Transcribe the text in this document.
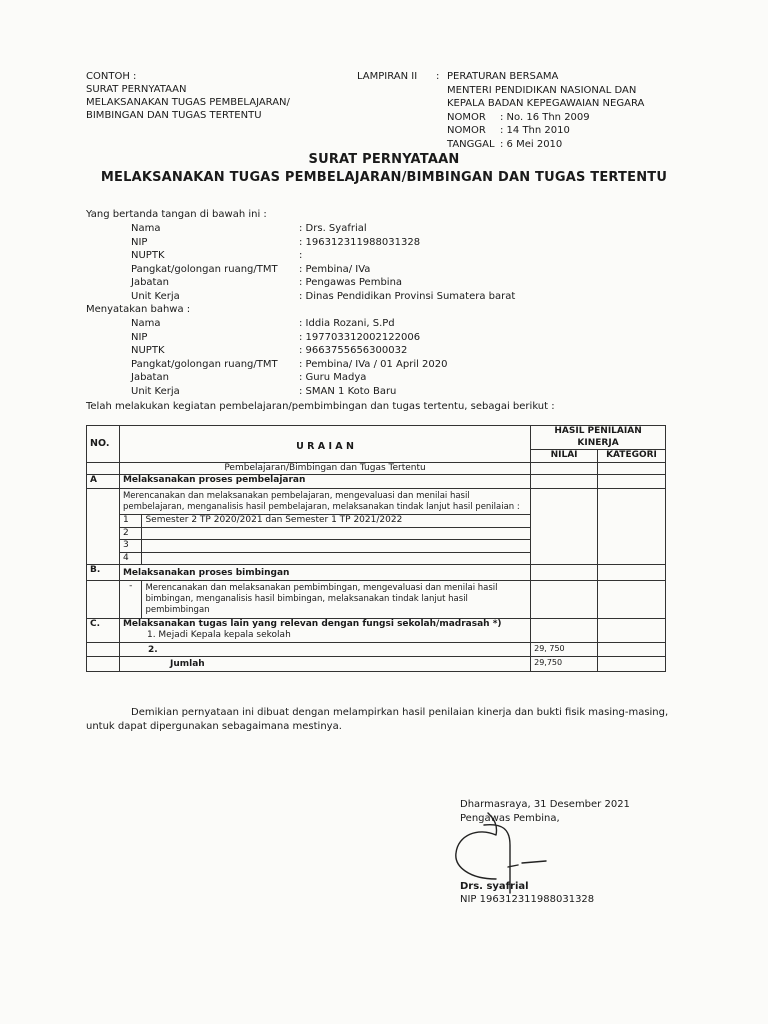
CONTOH :
SURAT PERNYATAAN
MELAKSANAKAN TUGAS PEMBELAJARAN/
BIMBINGAN DAN TUGAS TERTENTU
LAMPIRAN II : PERATURAN BERSAMA
MENTERI PENDIDIKAN NASIONAL DAN
KEPALA BADAN KEPEGAWAIAN NEGARA
NOMOR : No. 16 Thn 2009
NOMOR : 14 Thn 2010
TANGGAL : 6 Mei 2010
SURAT PERNYATAAN
MELAKSANAKAN TUGAS PEMBELAJARAN/BIMBINGAN DAN TUGAS TERTENTU
Yang bertanda tangan di bawah ini :
Nama	: Drs. Syafrial
NIP	: 196312311988031328
NUPTK	:
Pangkat/golongan ruang/TMT : Pembina/ IVa
Jabatan	: Pengawas Pembina
Unit Kerja	: Dinas Pendidikan Provinsi Sumatera barat
Menyatakan bahwa :
Nama	: Iddia Rozani, S.Pd
NIP	: 197703312002122006
NUPTK	: 9663755656300032
Pangkat/golongan ruang/TMT : Pembina/ IVa / 01 April 2020
Jabatan	: Guru Madya
Unit Kerja	: SMAN 1 Koto Baru
Telah melakukan kegiatan pembelajaran/pembimbingan dan tugas tertentu, sebagai berikut :
NO.	U R A I A N	HASIL PENILAIAN KINERJA
NILAI	KATEGORI
	Pembelajaran/Bimbingan dan Tugas Tertentu		
A	Melaksanakan proses pembelajaran		

Merencanakan dan melaksanakan pembelajaran, mengevaluasi dan menilai hasil pembelajaran, menganalisis hasil pembelajaran, melaksanakan tindak lanjut hasil penilaian :
1	Semester 2 TP 2020/2021 dan Semester 1 TP 2021/2022
2	
3	
4	

B.	Melaksanakan proses bimbingan		

-	Merencanakan dan melaksanakan pembimbingan, mengevaluasi dan menilai hasil bimbingan, menganalisis hasil bimbingan, melaksanakan tindak lanjut hasil pembimbingan

C.	Melaksanakan tugas lain yang relevan dengan fungsi sekolah/madrasah *)
1. Mejadi Kepala kepala sekolah

	2.	29, 750	
	Jumlah	29,750	
Demikian pernyataan ini dibuat dengan melampirkan hasil penilaian kinerja dan bukti fisik masing-masing,
untuk dapat dipergunakan sebagaimana mestinya.
Dharmasraya, 31 Desember 2021
Pengawas Pembina,
Drs. syafrial
NIP 196312311988031328
